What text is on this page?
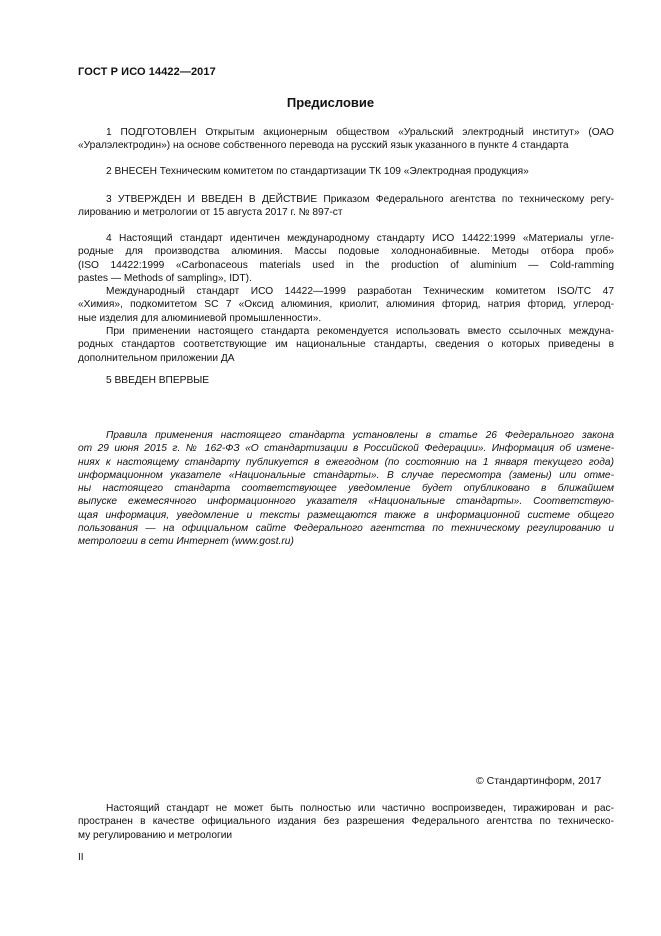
ГОСТ Р ИСО 14422—2017
Предисловие
1 ПОДГОТОВЛЕН Открытым акционерным обществом «Уральский электродный институт» (ОАО
«Уралэлектродин») на основе собственного перевода на русский язык указанного в пункте 4 стандарта
2 ВНЕСЕН Техническим комитетом по стандартизации ТК 109 «Электродная продукция»
3 УТВЕРЖДЕН И ВВЕДЕН В ДЕЙСТВИЕ Приказом Федерального агентства по техническому регу-
лированию и метрологии от 15 августа 2017 г. № 897-ст
4 Настоящий стандарт идентичен международному стандарту ИСО 14422:1999 «Материалы угле-
родные для производства алюминия. Массы подовые холоднонабивные. Методы отбора проб»
(ISO 14422:1999 «Carbonaceous materials used in the production of aluminium — Cold-ramming
pastes — Methods of sampling», IDT).
Международный стандарт ИСО 14422—1999 разработан Техническим комитетом ISO/TC 47
«Химия», подкомитетом SC 7 «Оксид алюминия, криолит, алюминия фторид, натрия фторид, углерод-
ные изделия для алюминиевой промышленности».
При применении настоящего стандарта рекомендуется использовать вместо ссылочных междуна-
родных стандартов соответствующие им национальные стандарты, сведения о которых приведены в
дополнительном приложении ДА
5 ВВЕДЕН ВПЕРВЫЕ
Правила применения настоящего стандарта установлены в статье 26 Федерального закона
от 29 июня 2015 г. № 162-ФЗ «О стандартизации в Российской Федерации». Информация об измене-
ниях к настоящему стандарту публикуется в ежегодном (по состоянию на 1 января текущего года)
информационном указателе «Национальные стандарты». В случае пересмотра (замены) или отме-
ны настоящего стандарта соответствующее уведомление будет опубликовано в ближайшем
выпуске ежемесячного информационного указателя «Национальные стандарты». Соответствую-
щая информация, уведомление и тексты размещаются также в информационной системе общего
пользования — на официальном сайте Федерального агентства по техническому регулированию и
метрологии в сети Интернет (www.gost.ru)
© Стандартинформ, 2017
Настоящий стандарт не может быть полностью или частично воспроизведен, тиражирован и рас-
пространен в качестве официального издания без разрешения Федерального агентства по техническо-
му регулированию и метрологии
II
